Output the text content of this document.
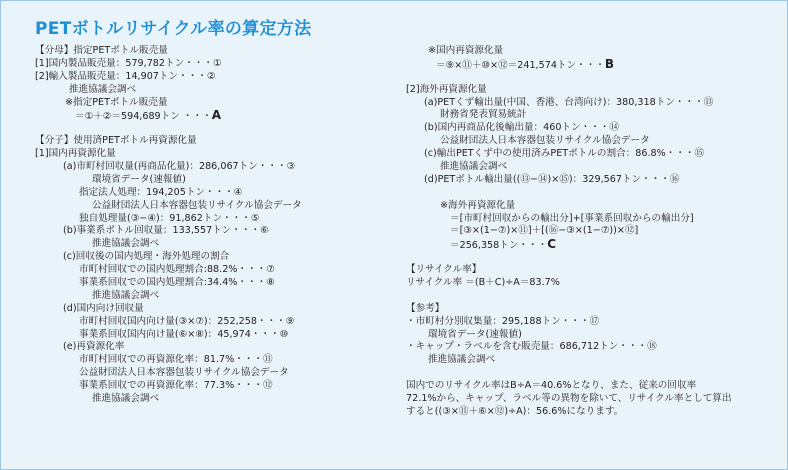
PETボトルリサイクル率の算定方法
【分母】指定PETボトル販売量
[1]国内製品販売量：579,782トン・・・①
[2]輸入製品販売量：14,907トン・・・②
推進協議会調べ
※指定PETボトル販売量
＝①＋②＝594,689トン ・・・A
【分子】使用済PETボトル再資源化量
[1]国内再資源化量
(a)市町村回収量(再商品化量)：286,067トン・・・③
環境省データ(速報値)
指定法人処理：194,205トン・・・④
公益財団法人日本容器包装リサイクル協会データ
独自処理量(③−④)：91,862トン・・・⑤
(b)事業系ボトル回収量：133,557トン・・・⑥
推進協議会調べ
(c)回収後の国内処理・海外処理の割合
市町村回収での国内処理割合:88.2%・・・⑦
事業系回収での国内処理割合:34.4%・・・⑧
推進協議会調べ
(d)国内向け回収量
市町村回収国内向け量(③×⑦)：252,258・・・⑨
事業系回収国内向け量(⑥×⑧)：45,974・・・⑩
(e)再資源化率
市町村回収での再資源化率：81.7%・・・⑪
公益財団法人日本容器包装リサイクル協会データ
事業系回収での再資源化率：77.3%・・・⑫
推進協議会調べ
※国内再資源化量
＝⑨×⑪＋⑩×⑫＝241,574トン・・・B
[2]海外再資源化量
(a)PETくず輸出量(中国、香港、台湾向け)：380,318トン・・・⑬
財務省発表貿易統計
(b)国内再商品化後輸出量：460トン・・・⑭
公益財団法人日本容器包装リサイクル協会データ
(c)輸出PETくず中の使用済みPETボトルの割合：86.8%・・・⑮
推進協議会調べ
(d)PETボトル輸出量((⑬−⑭)×⑮)：329,567トン・・・⑯
※海外再資源化量
＝[市町村回収からの輸出分]+[事業系回収からの輸出分]
＝[③×(1−⑦)×⑪]＋[(⑯−③×(1−⑦))×⑫]
＝256,358トン・・・C
【リサイクル率】
リサイクル率 ＝(B＋C)÷A＝83.7%
【参考】
・市町村分別収集量：295,188トン・・・⑰
環境省データ(速報値)
・キャップ・ラベルを含む販売量：686,712トン・・・⑱
推進協議会調べ
国内でのリサイクル率はB÷A＝40.6%となり、また、従来の回収率
72.1%から、キャップ、ラベル等の異物を除いて、リサイクル率として算出
すると((③×⑪＋⑥×⑫)÷A)：56.6%になります。
